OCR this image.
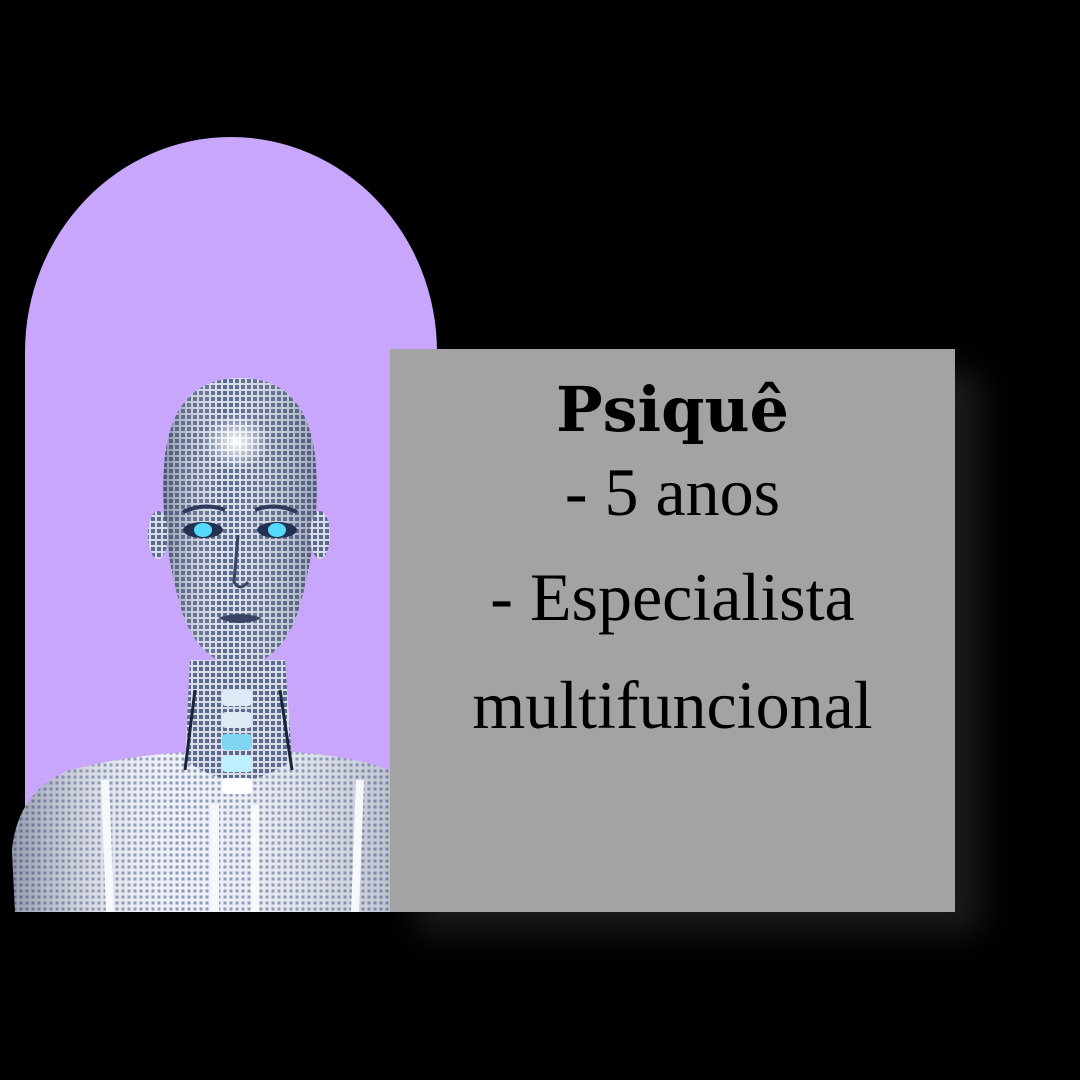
Psiquê

- 5 anos

- Especialista

multifuncional
